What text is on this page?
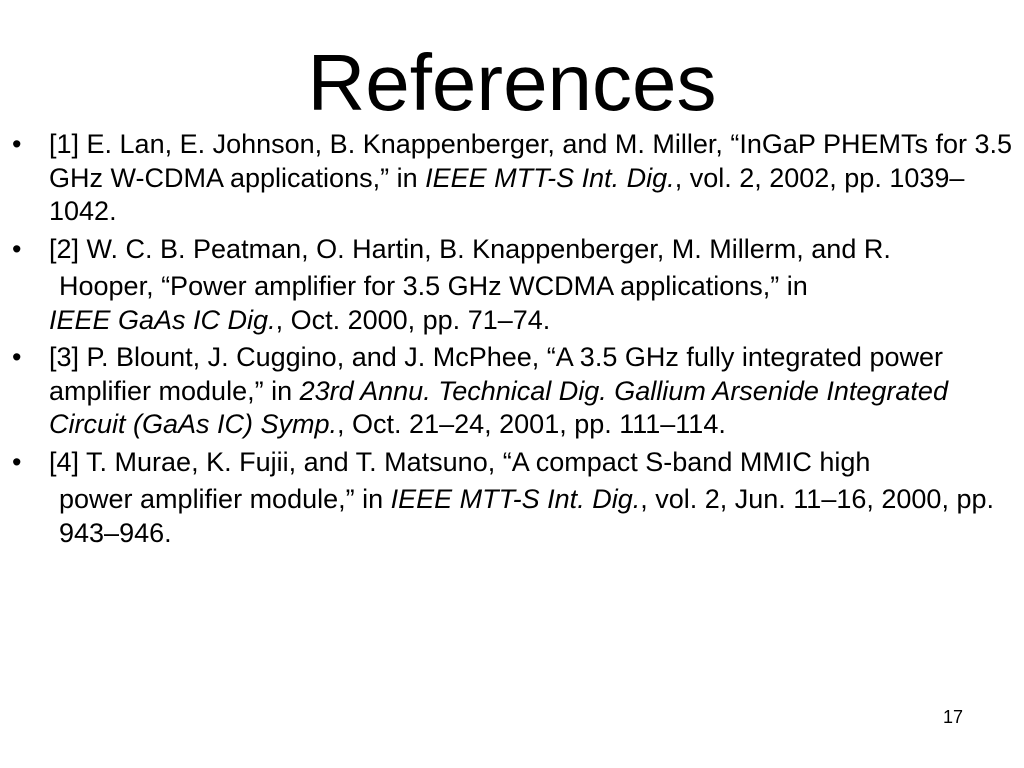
References
• [1] E. Lan, E. Johnson, B. Knappenberger, and M. Miller, “InGaP PHEMTs for 3.5 GHz W-CDMA applications,” in IEEE MTT-S Int. Dig., vol. 2, 2002, pp. 1039–1042.
• [2] W. C. B. Peatman, O. Hartin, B. Knappenberger, M. Millerm, and R.
Hooper, “Power amplifier for 3.5 GHz WCDMA applications,” in
IEEE GaAs IC Dig., Oct. 2000, pp. 71–74.
• [3] P. Blount, J. Cuggino, and J. McPhee, “A 3.5 GHz fully integrated power amplifier module,” in 23rd Annu. Technical Dig. Gallium Arsenide Integrated Circuit (GaAs IC) Symp., Oct. 21–24, 2001, pp. 111–114.
• [4] T. Murae, K. Fujii, and T. Matsuno, “A compact S-band MMIC high
power amplifier module,” in IEEE MTT-S Int. Dig., vol. 2, Jun. 11–16, 2000, pp. 943–946.
17
